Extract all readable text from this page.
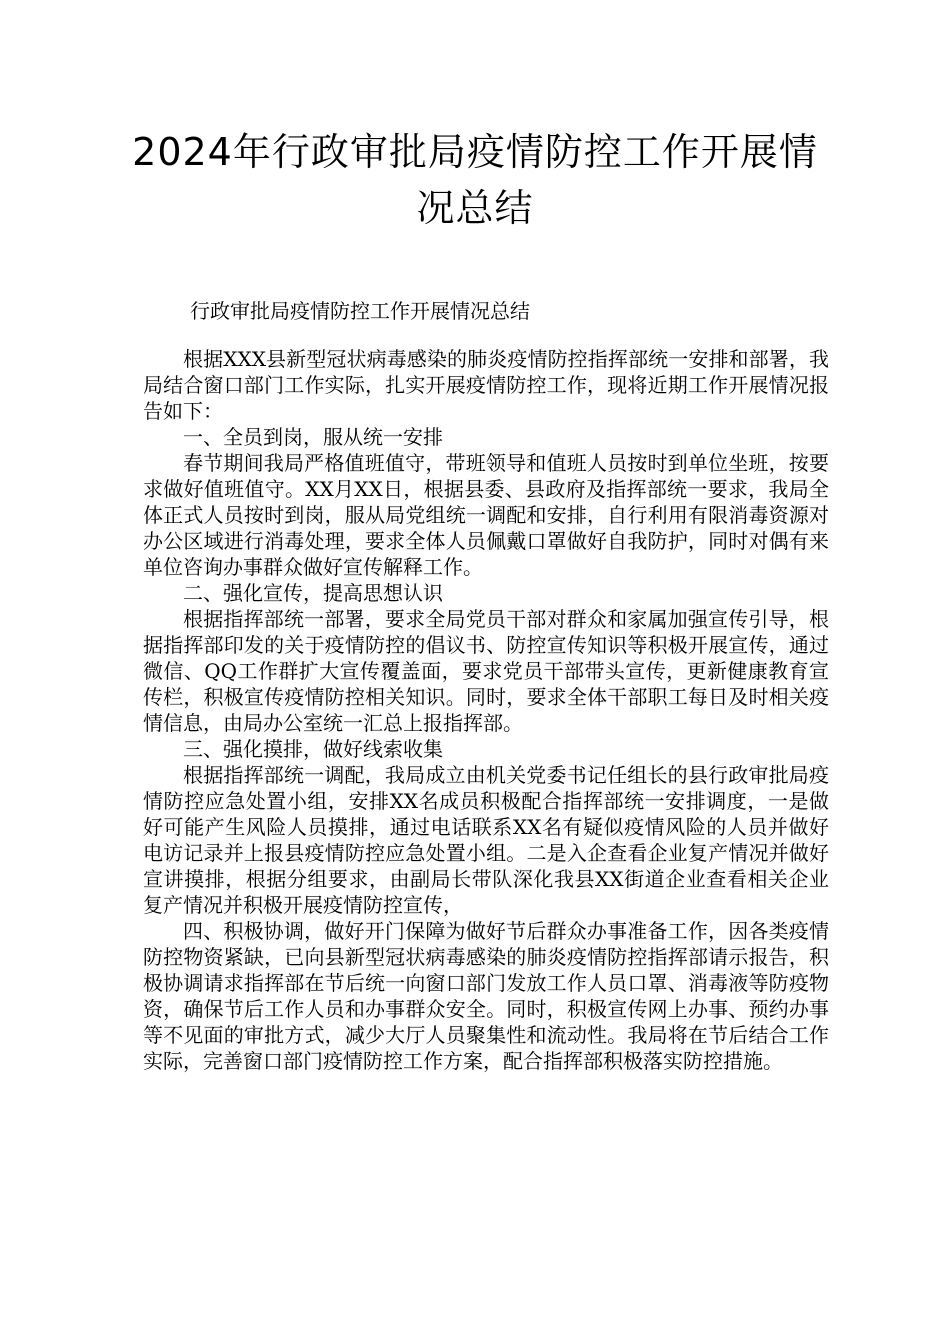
2024年行政审批局疫情防控工作开展情况总结

行政审批局疫情防控工作开展情况总结

根据XXX县新型冠状病毒感染的肺炎疫情防控指挥部统一安排和部署，我局结合窗口部门工作实际，扎实开展疫情防控工作，现将近期工作开展情况报告如下：

一、全员到岗，服从统一安排

春节期间我局严格值班值守，带班领导和值班人员按时到单位坐班，按要求做好值班值守。XX月XX日，根据县委、县政府及指挥部统一要求，我局全体正式人员按时到岗，服从局党组统一调配和安排，自行利用有限消毒资源对办公区域进行消毒处理，要求全体人员佩戴口罩做好自我防护，同时对偶有来单位咨询办事群众做好宣传解释工作。

二、强化宣传，提高思想认识

根据指挥部统一部署，要求全局党员干部对群众和家属加强宣传引导，根据指挥部印发的关于疫情防控的倡议书、防控宣传知识等积极开展宣传，通过微信、QQ工作群扩大宣传覆盖面，要求党员干部带头宣传，更新健康教育宣传栏，积极宣传疫情防控相关知识。同时，要求全体干部职工每日及时相关疫情信息，由局办公室统一汇总上报指挥部。

三、强化摸排，做好线索收集

根据指挥部统一调配，我局成立由机关党委书记任组长的县行政审批局疫情防控应急处置小组，安排XX名成员积极配合指挥部统一安排调度，一是做好可能产生风险人员摸排，通过电话联系XX名有疑似疫情风险的人员并做好电访记录并上报县疫情防控应急处置小组。二是入企查看企业复产情况并做好宣讲摸排，根据分组要求，由副局长带队深化我县XX街道企业查看相关企业复产情况并积极开展疫情防控宣传，

四、积极协调，做好开门保障为做好节后群众办事准备工作，因各类疫情防控物资紧缺，已向县新型冠状病毒感染的肺炎疫情防控指挥部请示报告，积极协调请求指挥部在节后统一向窗口部门发放工作人员口罩、消毒液等防疫物资，确保节后工作人员和办事群众安全。同时，积极宣传网上办事、预约办事等不见面的审批方式，减少大厅人员聚集性和流动性。我局将在节后结合工作实际，完善窗口部门疫情防控工作方案，配合指挥部积极落实防控措施。
